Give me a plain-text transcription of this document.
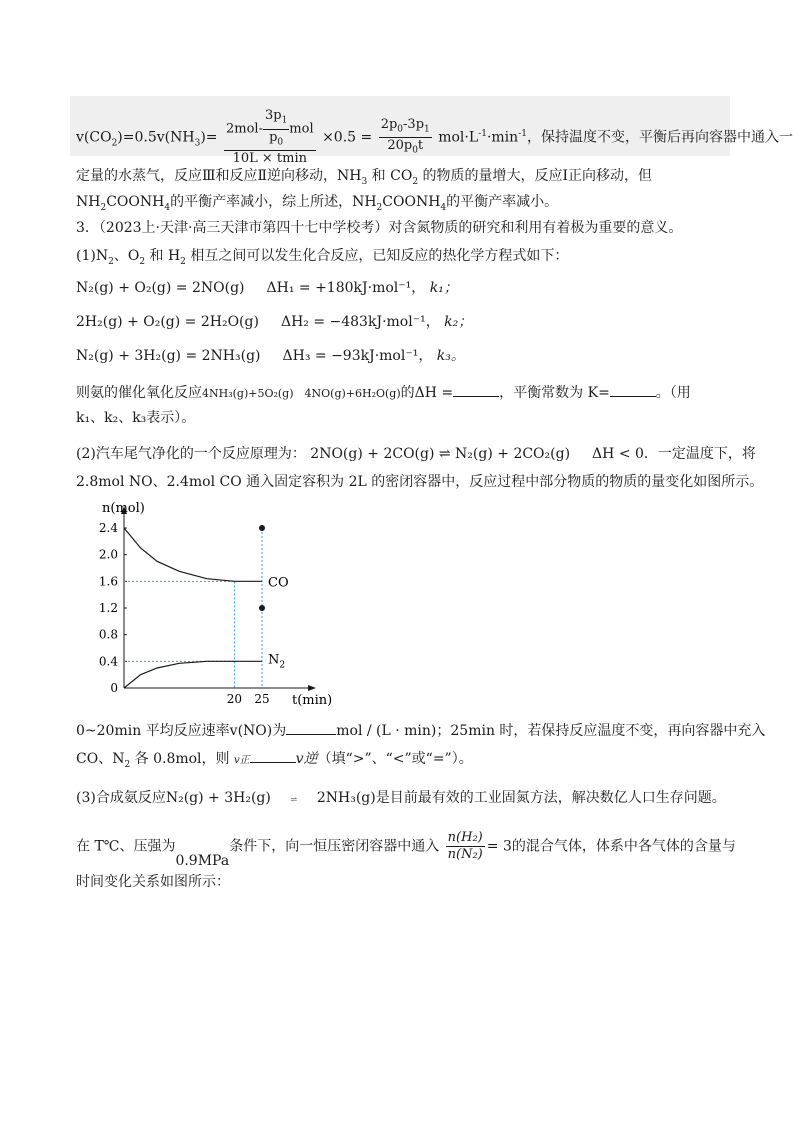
$v(CO_2)=0.5v(NH_3)= \frac{2mol- \frac{3p_1}{p_0} mol}{10L \times tmin} \times 0.5 = \frac{2p_0-3p_1}{20p_0t} mol\cdot L^{-1}\cdot\min^{-1}$，保持温度不变，平衡后再向容器中通入一
定量的水蒸气，反应Ⅲ和反应Ⅱ逆向移动，$NH_3$ 和 $CO_2$ 的物质的量增大，反应Ⅰ正向移动，但
$NH_2COONH_4$的平衡产率减小，综上所述，$NH_2COONH_4$的平衡产率减小。
3．（2023上·天津·高三天津市第四十七中学校考）对含氮物质的研究和利用有着极为重要的意义。
$(1)N_2$、$O_2$ 和 $H_2$ 相互之间可以发生化合反应，已知反应的热化学方程式如下：
N₂(g) + O₂(g) = 2NO(g) ΔH₁ = +180kJ·mol⁻¹， k₁；
2H₂(g) + O₂(g) = 2H₂O(g) ΔH₂ = −483kJ·mol⁻¹， k₂；
N₂(g) + 3H₂(g) = 2NH₃(g) ΔH₃ = −93kJ·mol⁻¹， k₃。
则氨的催化氧化反应4NH₃(g)+5O₂(g)　4NO(g)+6H₂O(g)的ΔH =	，平衡常数为 K=	。（用
k₁、k₂、k₃表示）。
(2)汽车尾气净化的一个反应原理为： 2NO(g) + 2CO(g) ⇌ N₂(g) + 2CO₂(g) ΔH < 0．一定温度下，将
2.8mol NO、2.4mol CO 通入固定容积为 2L 的密闭容器中，反应过程中部分物质的物质的量变化如图所示。
0
0.4
0.8
1.2
1.6
2.0
2.4
20 25
n(mol)
t(min)
CO
$N_2$
0~20min 平均反应速率v(NO)为	mol / (L · min)；25min 时，若保持反应温度不变，再向容器中充入
CO、$N_2$ 各 0.8mol，则 v正	v逆（填“>”、“<”或“=”）。
(3)合成氨反应N₂(g) + 3H₂(g) ⇌ 2NH₃(g)是目前最有效的工业固氮方法，解决数亿人口生存问题。
在 T℃、压强为0.9MPa条件下，向一恒压密闭容器中通入 $\frac{\text{n(H₂)}}{\text{n(N₂)}} = 3$的混合气体，体系中各气体的含量与
时间变化关系如图所示：
